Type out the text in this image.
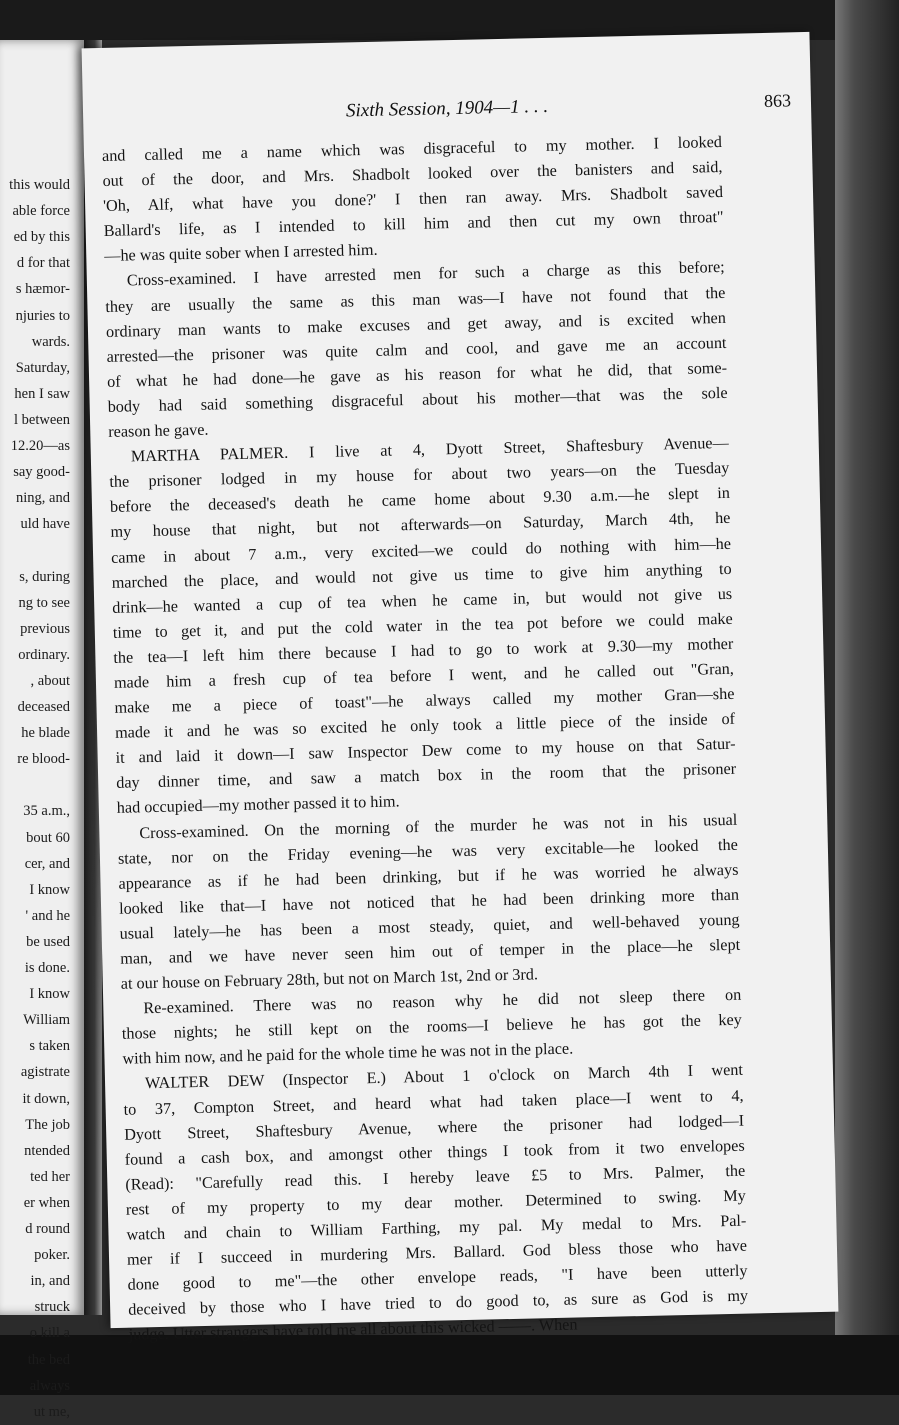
this would
able force
ed by this
d for that
s hæmor-
njuries to
wards.
Saturday,
hen I saw
l between
12.20—as
say good-
ning, and
uld have
s, during
ng to see
previous
ordinary.
, about
deceased
he blade
re blood-
35 a.m.,
bout 60
cer, and
I know
' and he
be used
is done.
I know
William
s taken
agistrate
it down,
The job
ntended
ted her
er when
d round
poker.
in, and
struck
o kill a
the bed
always
ut me,
Sixth Session, 1904—1 . . .	863
and called me a name which was disgraceful to my mother. I looked
out of the door, and Mrs. Shadbolt looked over the banisters and said,
'Oh, Alf, what have you done?' I then ran away. Mrs. Shadbolt saved
Ballard's life, as I intended to kill him and then cut my own throat"
—he was quite sober when I arrested him.
Cross-examined. I have arrested men for such a charge as this before;
they are usually the same as this man was—I have not found that the
ordinary man wants to make excuses and get away, and is excited when
arrested—the prisoner was quite calm and cool, and gave me an account
of what he had done—he gave as his reason for what he did, that some-
body had said something disgraceful about his mother—that was the sole
reason he gave.
MARTHA PALMER. I live at 4, Dyott Street, Shaftesbury Avenue—
the prisoner lodged in my house for about two years—on the Tuesday
before the deceased's death he came home about 9.30 a.m.—he slept in
my house that night, but not afterwards—on Saturday, March 4th, he
came in about 7 a.m., very excited—we could do nothing with him—he
marched the place, and would not give us time to give him anything to
drink—he wanted a cup of tea when he came in, but would not give us
time to get it, and put the cold water in the tea pot before we could make
the tea—I left him there because I had to go to work at 9.30—my mother
made him a fresh cup of tea before I went, and he called out "Gran,
make me a piece of toast"—he always called my mother Gran—she
made it and he was so excited he only took a little piece of the inside of
it and laid it down—I saw Inspector Dew come to my house on that Satur-
day dinner time, and saw a match box in the room that the prisoner
had occupied—my mother passed it to him.
Cross-examined. On the morning of the murder he was not in his usual
state, nor on the Friday evening—he was very excitable—he looked the
appearance as if he had been drinking, but if he was worried he always
looked like that—I have not noticed that he had been drinking more than
usual lately—he has been a most steady, quiet, and well-behaved young
man, and we have never seen him out of temper in the place—he slept
at our house on February 28th, but not on March 1st, 2nd or 3rd.
Re-examined. There was no reason why he did not sleep there on
those nights; he still kept on the rooms—I believe he has got the key
with him now, and he paid for the whole time he was not in the place.
WALTER DEW (Inspector E.) About 1 o'clock on March 4th I went
to 37, Compton Street, and heard what had taken place—I went to 4,
Dyott Street, Shaftesbury Avenue, where the prisoner had lodged—I
found a cash box, and amongst other things I took from it two envelopes
(Read): "Carefully read this. I hereby leave £5 to Mrs. Palmer, the
rest of my property to my dear mother. Determined to swing. My
watch and chain to William Farthing, my pal. My medal to Mrs. Pal-
mer if I succeed in murdering Mrs. Ballard. God bless those who have
done good to me"—the other envelope reads, "I have been utterly
deceived by those who I have tried to do good to, as sure as God is my
judge. Utter strangers have told me all about this wicked ——. When
